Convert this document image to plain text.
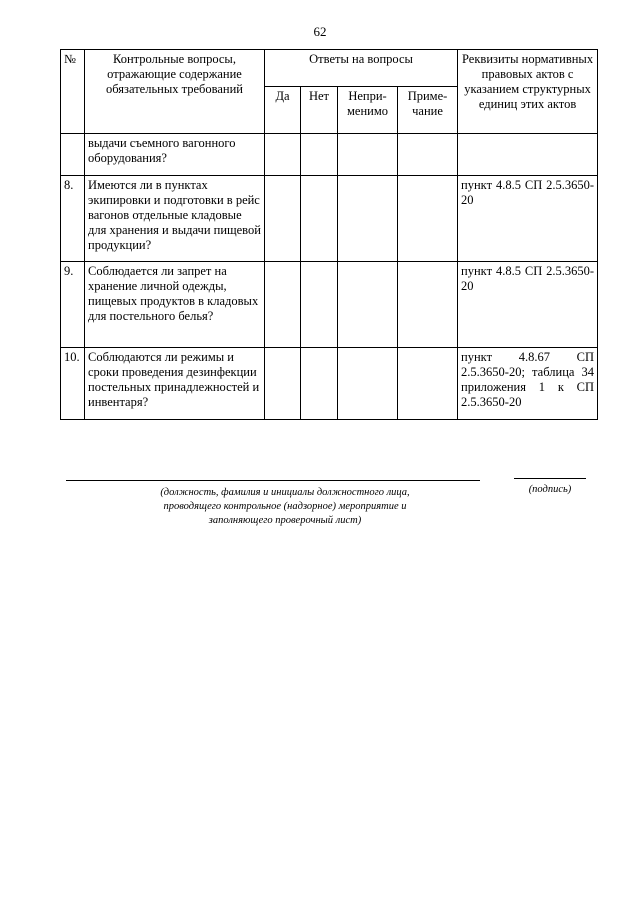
62
№	Контрольные вопросы, отражающие содержание обязательных требований	Ответы на вопросы				Реквизиты нормативных правовых актов с указанием структурных единиц этих актов
		Да	Нет	Непри-менимо	Приме-чание	
	выдачи съемного вагонного оборудования?					
8.	Имеются ли в пунктах экипировки и подготовки в рейс вагонов отдельные кладовые для хранения и выдачи пищевой продукции?					пункт 4.8.5 СП 2.5.3650-20
9.	Соблюдается ли запрет на хранение личной одежды, пищевых продуктов в кладовых для постельного белья?					пункт 4.8.5 СП 2.5.3650-20
10.	Соблюдаются ли режимы и сроки проведения дезинфекции постельных принадлежностей и инвентаря?					пункт 4.8.67 СП 2.5.3650-20; таблица 34 приложения 1 к СП 2.5.3650-20
(должность, фамилия и инициалы должностного лица, проводящего контрольное (надзорное) мероприятие и заполняющего проверочный лист)
(подпись)
